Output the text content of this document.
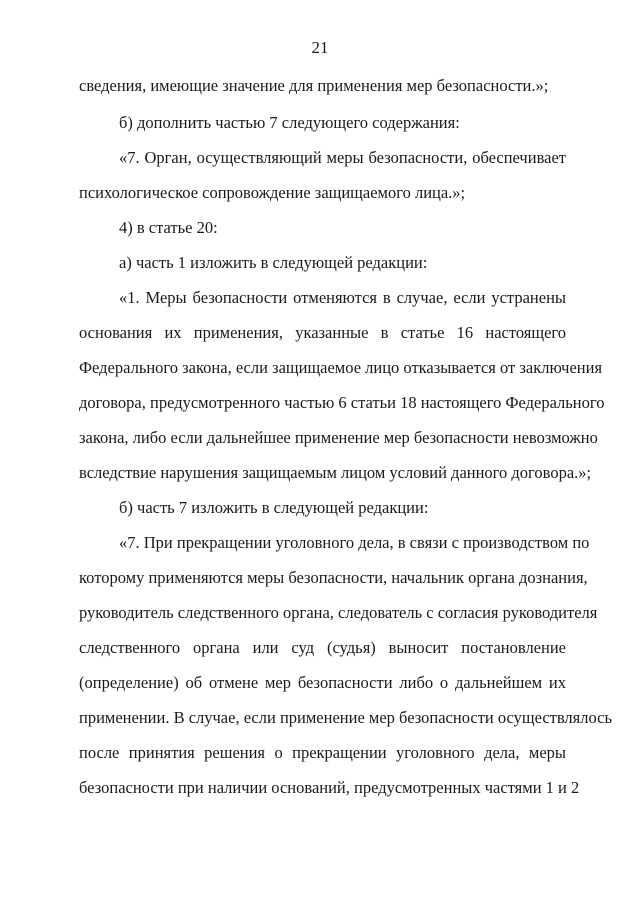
21
сведения, имеющие значение для применения мер безопасности.»;
б) дополнить частью 7 следующего содержания:
«7. Орган, осуществляющий меры безопасности, обеспечивает
психологическое сопровождение защищаемого лица.»;
4) в статье 20:
а) часть 1 изложить в следующей редакции:
«1. Меры безопасности отменяются в случае, если устранены
основания их применения, указанные в статье 16 настоящего
Федерального закона, если защищаемое лицо отказывается от заключения
договора, предусмотренного частью 6 статьи 18 настоящего Федерального
закона, либо если дальнейшее применение мер безопасности невозможно
вследствие нарушения защищаемым лицом условий данного договора.»;
б) часть 7 изложить в следующей редакции:
«7. При прекращении уголовного дела, в связи с производством по
которому применяются меры безопасности, начальник органа дознания,
руководитель следственного органа, следователь с согласия руководителя
следственного органа или суд (судья) выносит постановление
(определение) об отмене мер безопасности либо о дальнейшем их
применении. В случае, если применение мер безопасности осуществлялось
после принятия решения о прекращении уголовного дела, меры
безопасности при наличии оснований, предусмотренных частями 1 и 2
